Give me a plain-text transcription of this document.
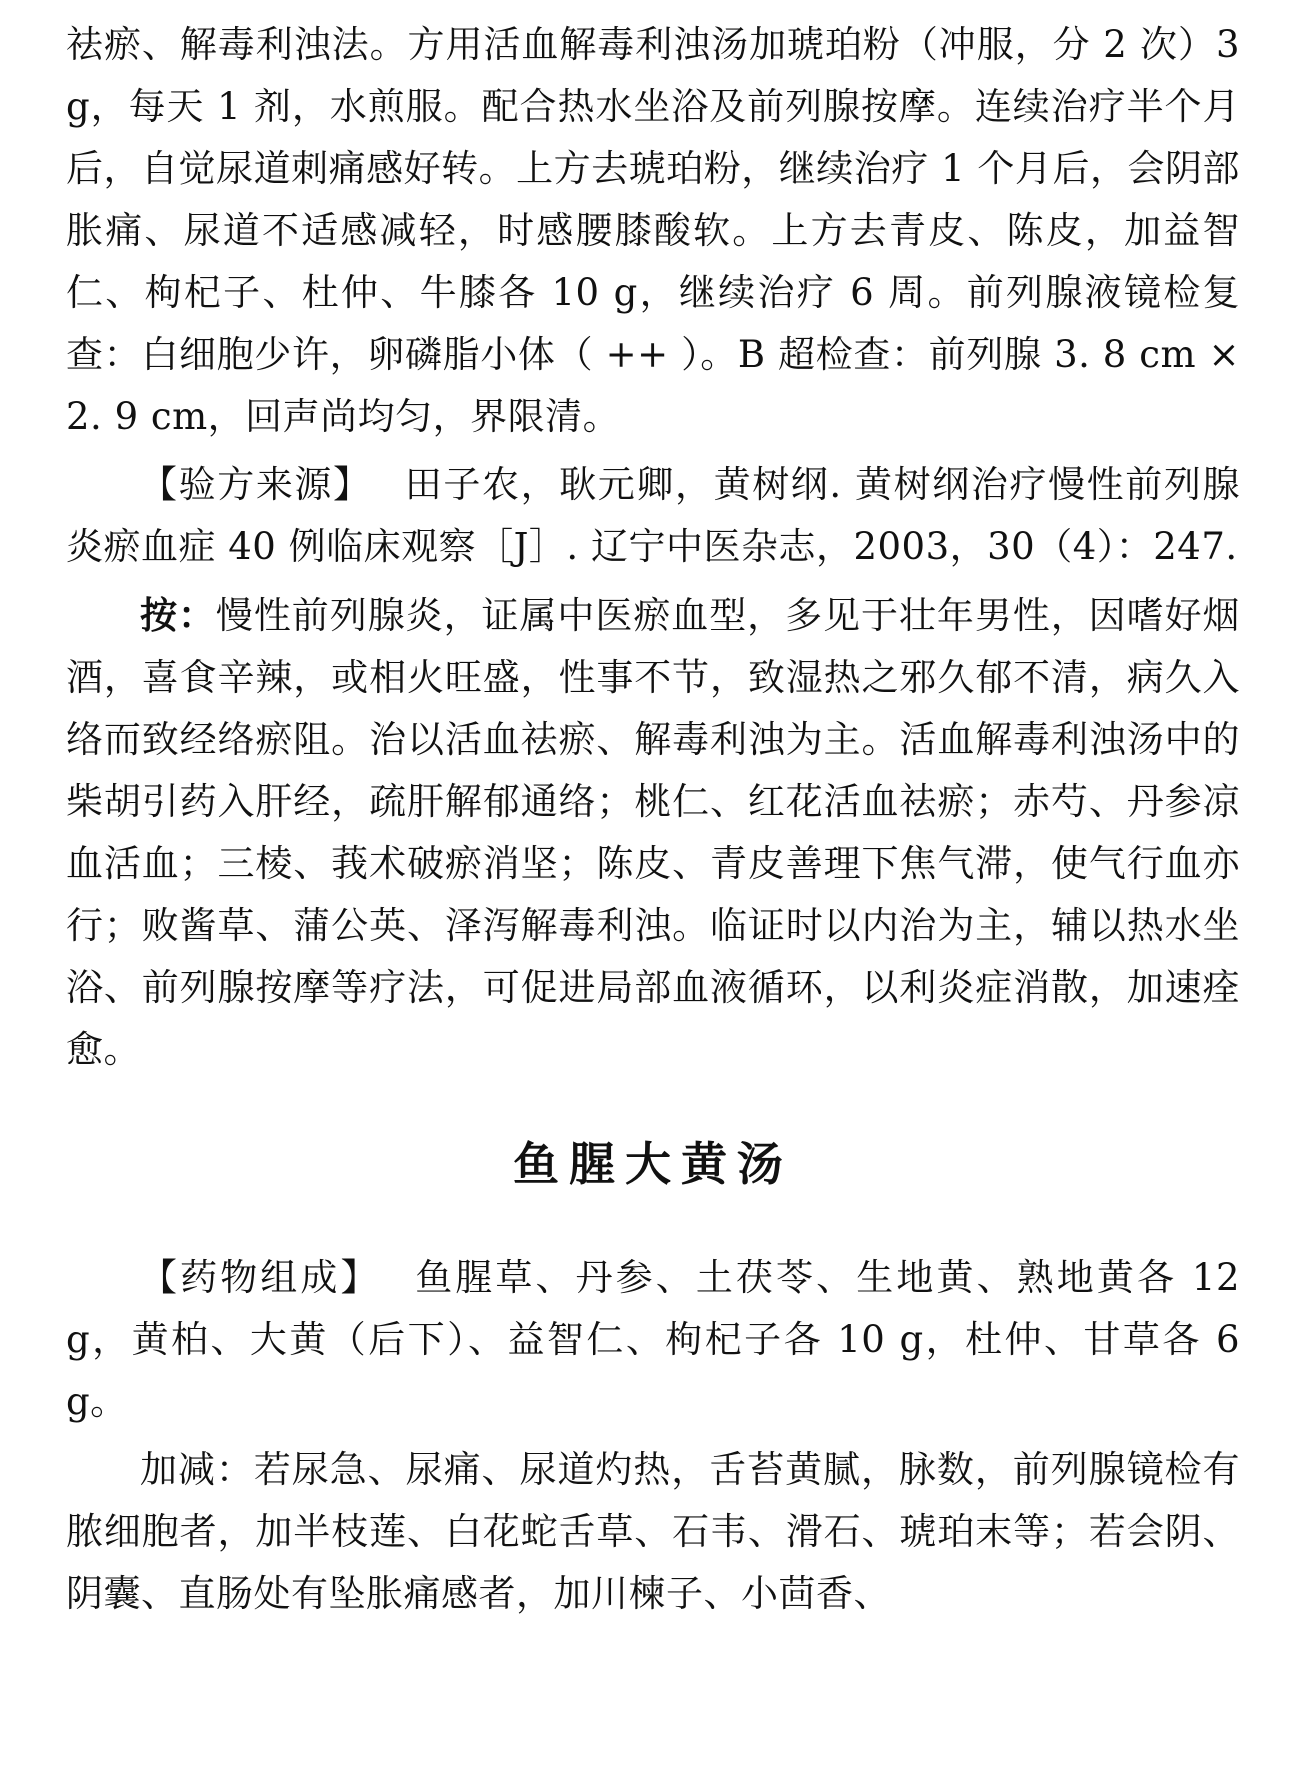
祛瘀、解毒利浊法。方用活血解毒利浊汤加琥珀粉（冲服，分 2 次）3 g，每天 1 剂，水煎服。配合热水坐浴及前列腺按摩。连续治疗半个月后，自觉尿道刺痛感好转。上方去琥珀粉，继续治疗 1 个月后，会阴部胀痛、尿道不适感减轻，时感腰膝酸软。上方去青皮、陈皮，加益智仁、枸杞子、杜仲、牛膝各 10 g，继续治疗 6 周。前列腺液镜检复查：白细胞少许，卵磷脂小体（ ++ ）。B 超检查：前列腺 3. 8 cm × 2. 9 cm，回声尚均匀，界限清。

【验方来源】 田子农，耿元卿，黄树纲. 黄树纲治疗慢性前列腺炎瘀血症 40 例临床观察［J］. 辽宁中医杂志，2003，30（4）：247.

按：慢性前列腺炎，证属中医瘀血型，多见于壮年男性，因嗜好烟酒，喜食辛辣，或相火旺盛，性事不节，致湿热之邪久郁不清，病久入络而致经络瘀阻。治以活血祛瘀、解毒利浊为主。活血解毒利浊汤中的柴胡引药入肝经，疏肝解郁通络；桃仁、红花活血祛瘀；赤芍、丹参凉血活血；三棱、莪术破瘀消坚；陈皮、青皮善理下焦气滞，使气行血亦行；败酱草、蒲公英、泽泻解毒利浊。临证时以内治为主，辅以热水坐浴、前列腺按摩等疗法，可促进局部血液循环，以利炎症消散，加速痊愈。

鱼腥大黄汤

【药物组成】 鱼腥草、丹参、土茯苓、生地黄、熟地黄各 12 g，黄柏、大黄（后下）、益智仁、枸杞子各 10 g，杜仲、甘草各 6 g。

加减：若尿急、尿痛、尿道灼热，舌苔黄腻，脉数，前列腺镜检有脓细胞者，加半枝莲、白花蛇舌草、石韦、滑石、琥珀末等；若会阴、阴囊、直肠处有坠胀痛感者，加川楝子、小茴香、
